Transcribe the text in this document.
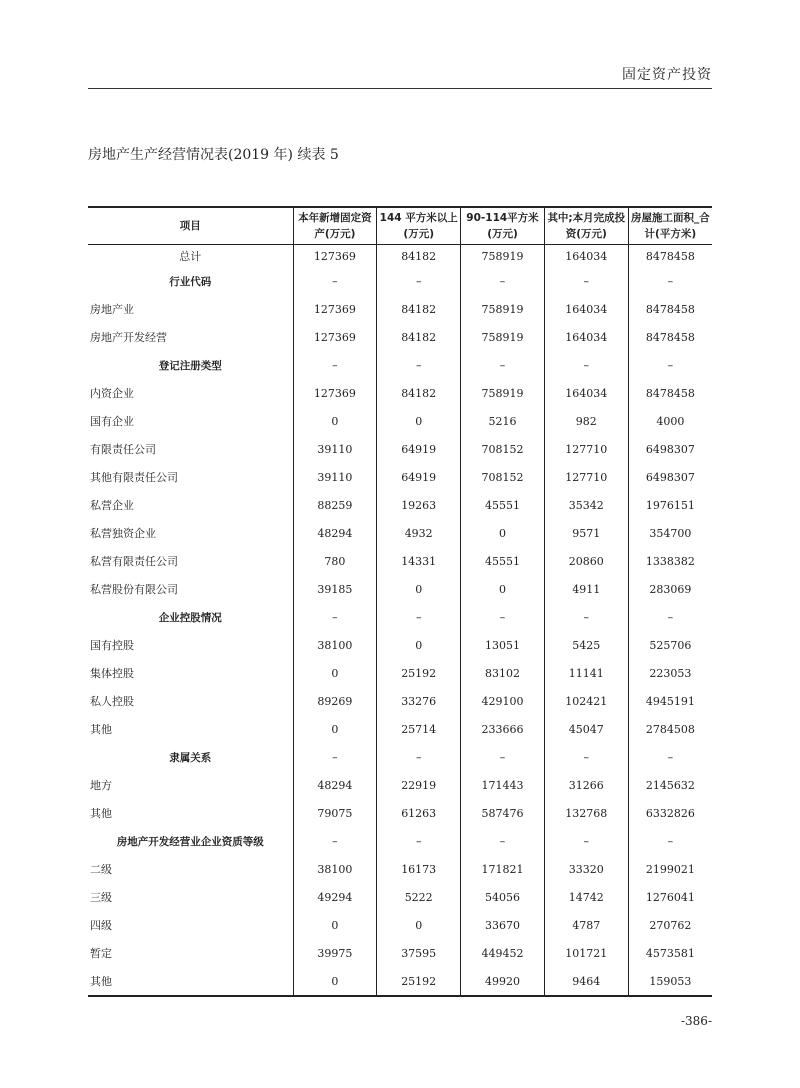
固定资产投资
房地产生产经营情况表(2019 年) 续表 5
项目	本年新增固定资产(万元)	144 平方米以上(万元)	90-114平方米(万元)	其中;本月完成投资(万元)	房屋施工面积_合计(平方米)
总计	127369	84182	758919	164034	8478458
行业代码	–	–	–	–	–
房地产业	127369	84182	758919	164034	8478458
房地产开发经营	127369	84182	758919	164034	8478458
登记注册类型	–	–	–	–	–
内资企业	127369	84182	758919	164034	8478458
国有企业	0	0	5216	982	4000
有限责任公司	39110	64919	708152	127710	6498307
其他有限责任公司	39110	64919	708152	127710	6498307
私营企业	88259	19263	45551	35342	1976151
私营独资企业	48294	4932	0	9571	354700
私营有限责任公司	780	14331	45551	20860	1338382
私营股份有限公司	39185	0	0	4911	283069
企业控股情况	–	–	–	–	–
国有控股	38100	0	13051	5425	525706
集体控股	0	25192	83102	11141	223053
私人控股	89269	33276	429100	102421	4945191
其他	0	25714	233666	45047	2784508
隶属关系	–	–	–	–	–
地方	48294	22919	171443	31266	2145632
其他	79075	61263	587476	132768	6332826
房地产开发经营业企业资质等级	–	–	–	–	–
二级	38100	16173	171821	33320	2199021
三级	49294	5222	54056	14742	1276041
四级	0	0	33670	4787	270762
暂定	39975	37595	449452	101721	4573581
其他	0	25192	49920	9464	159053
-386-
